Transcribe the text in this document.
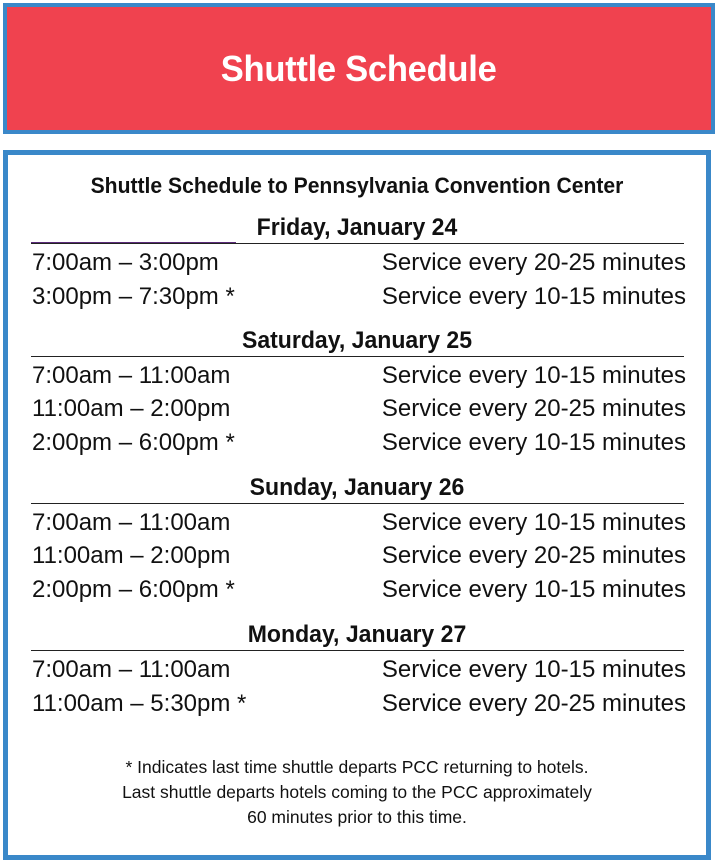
Shuttle Schedule
Shuttle Schedule to Pennsylvania Convention Center
Friday, January 24
7:00am – 3:00pm	Service every 20-25 minutes
3:00pm – 7:30pm *	Service every 10-15 minutes
Saturday, January 25
7:00am – 11:00am	Service every 10-15 minutes
11:00am – 2:00pm	Service every 20-25 minutes
2:00pm – 6:00pm *	Service every 10-15 minutes
Sunday, January 26
7:00am – 11:00am	Service every 10-15 minutes
11:00am – 2:00pm	Service every 20-25 minutes
2:00pm – 6:00pm *	Service every 10-15 minutes
Monday, January 27
7:00am – 11:00am	Service every 10-15 minutes
11:00am – 5:30pm *	Service every 20-25 minutes
* Indicates last time shuttle departs PCC returning to hotels.
Last shuttle departs hotels coming to the PCC approximately
60 minutes prior to this time.
